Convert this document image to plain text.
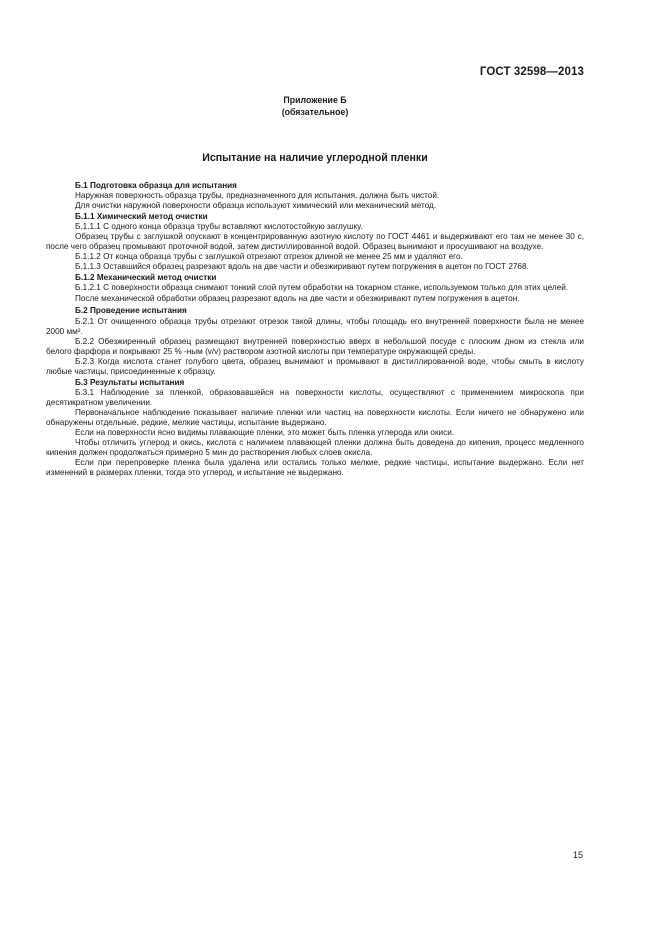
ГОСТ 32598—2013
Приложение Б
(обязательное)
Испытание на наличие углеродной пленки

Б.1 Подготовка образца для испытания

Наружная поверхность образца трубы, предназначенного для испытания, должна быть чистой.

Для очистки наружной поверхности образца используют химический или механический метод.

Б.1.1 Химический метод очистки

Б.1.1.1 С одного конца образца трубы вставляют кислотостойкую заглушку.

Образец трубы с заглушкой опускают в концентрированную азотную кислоту по ГОСТ 4461 и выдерживают его там не менее 30 с, после чего образец промывают проточной водой, затем дистиллированной водой. Образец вынимают и просушивают на воздухе.

Б.1.1.2 От конца образца трубы с заглушкой отрезают отрезок длиной не менее 25 мм и удаляют его.

Б.1.1.3 Оставшийся образец разрезают вдоль на две части и обезжиривают путем погружения в ацетон по ГОСТ 2768.

Б.1.2 Механический метод очистки

Б.1.2.1 С поверхности образца снимают тонкий слой путем обработки на токарном станке, используемом только для этих целей.

После механической обработки образец разрезают вдоль на две части и обезжиривают путем погружения в ацетон.

Б.2 Проведение испытания

Б.2.1 От очищенного образца трубы отрезают отрезок такой длины, чтобы площадь его внутренней поверхности была не менее 2000 мм².

Б.2.2 Обезжиренный образец размещают внутренней поверхностью вверх в небольшой посуде с плоским дном из стекла или белого фарфора и покрывают 25 % -ным (v/v) раствором азотной кислоты при температуре окружающей среды.

Б.2.3 Когда кислота станет голубого цвета, образец вынимают и промывают в дистиллированной воде, чтобы смыть в кислоту любые частицы, присоединенные к образцу.

Б.3 Результаты испытания

Б.3.1 Наблюдение за пленкой, образовавшейся на поверхности кислоты, осуществляют с применением микроскопа при десятикратном увеличении.

Первоначальное наблюдение показывает наличие пленки или частиц на поверхности кислоты. Если ничего не обнаружено или обнаружены отдельные, редкие, мелкие частицы, испытание выдержано.

Если на поверхности ясно видимы плавающие пленки, это может быть пленка углерода или окиси.

Чтобы отличить углерод и окись, кислота с наличием плавающей пленки должна быть доведена до кипения, процесс медленного кипения должен продолжаться примерно 5 мин до растворения любых слоев окисла.

Если при перепроверке пленка была удалена или остались только мелкие, редкие частицы, испытание выдержано. Если нет изменений в размерах пленки, тогда это углерод, и испытание не выдержано.

15
